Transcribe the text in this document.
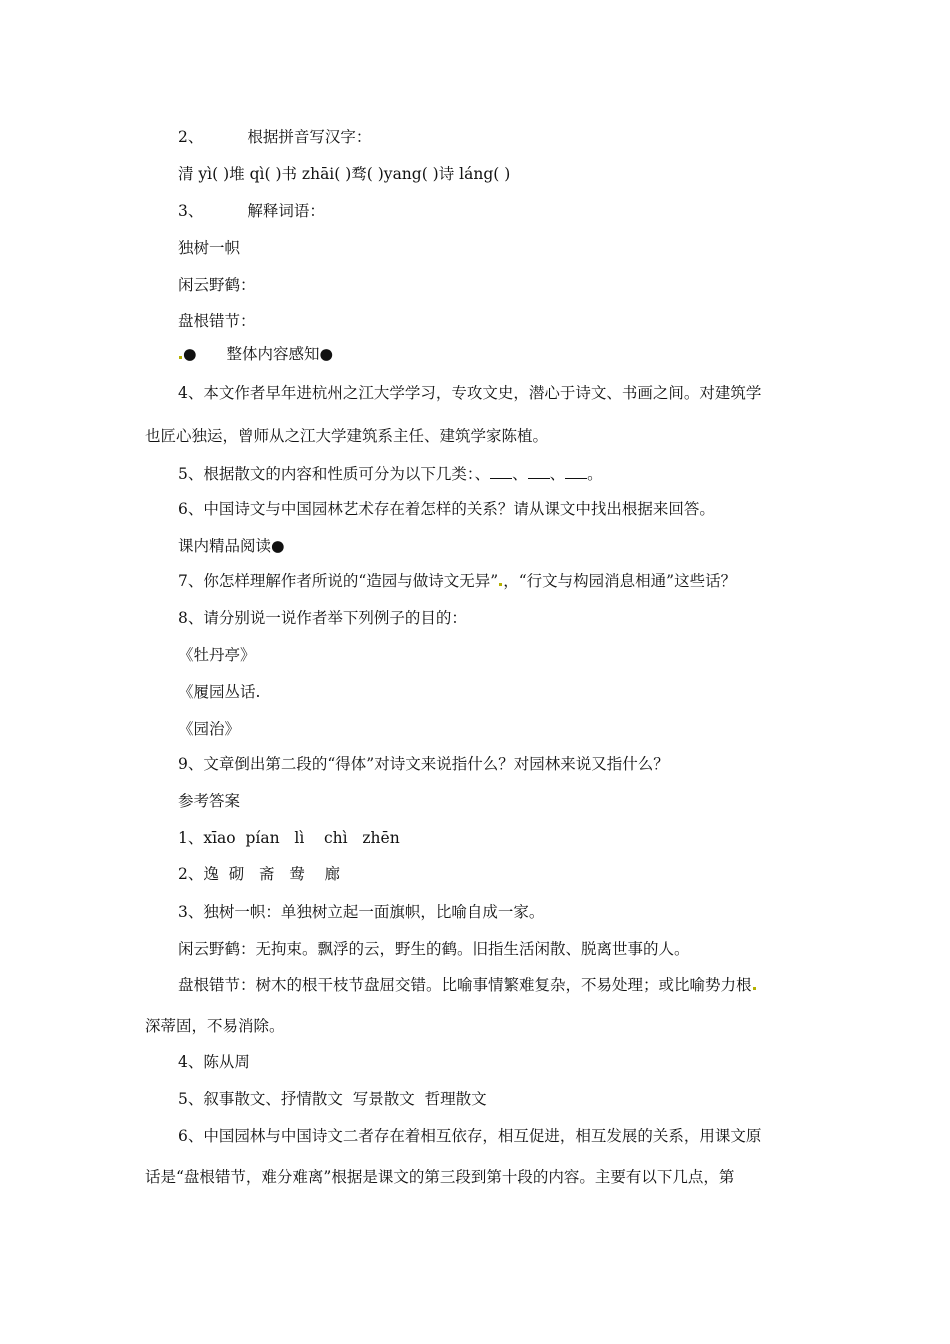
2、	根据拼音写汉字：
清 yì( )堆 qì( )书 zhāi( )骛( )yang( )诗 láng( )
3、	解释词语：
独树一帜
闲云野鹤：
盘根错节：
● 整体内容感知●
4、本文作者早年进杭州之江大学学习，专攻文史，潜心于诗文、书画之间。对建筑学
也匠心独运，曾师从之江大学建筑系主任、建筑学家陈植。
5、根据散文的内容和性质可分为以下几类：、 、 、 。
6、中国诗文与中国园林艺术存在着怎样的关系？请从课文中找出根据来回答。
课内精品阅读●
7、你怎样理解作者所说的“造园与做诗文无异” ，“行文与构园消息相通”这些话？
8、请分别说一说作者举下列例子的目的：
《牡丹亭》
《履园丛话.
《园治》
9、文章倒出第二段的“得体”对诗文来说指什么？对园林来说又指什么？
参考答案
1、xīao  pían   lì    chì   zhēn
2、逸  砌   斋   鸯    廊
3、独树一帜：单独树立起一面旗帜，比喻自成一家。
闲云野鹤：无拘束。飘浮的云，野生的鹤。旧指生活闲散、脱离世事的人。
盘根错节：树木的根干枝节盘屈交错。比喻事情繁难复杂，不易处理；或比喻势力根
深蒂固，不易消除。
4、陈从周
5、叙事散文、抒情散文  写景散文  哲理散文
6、中国园林与中国诗文二者存在着相互依存，相互促进，相互发展的关系，用课文原
话是“盘根错节，难分难离”根据是课文的第三段到第十段的内容。主要有以下几点，第
